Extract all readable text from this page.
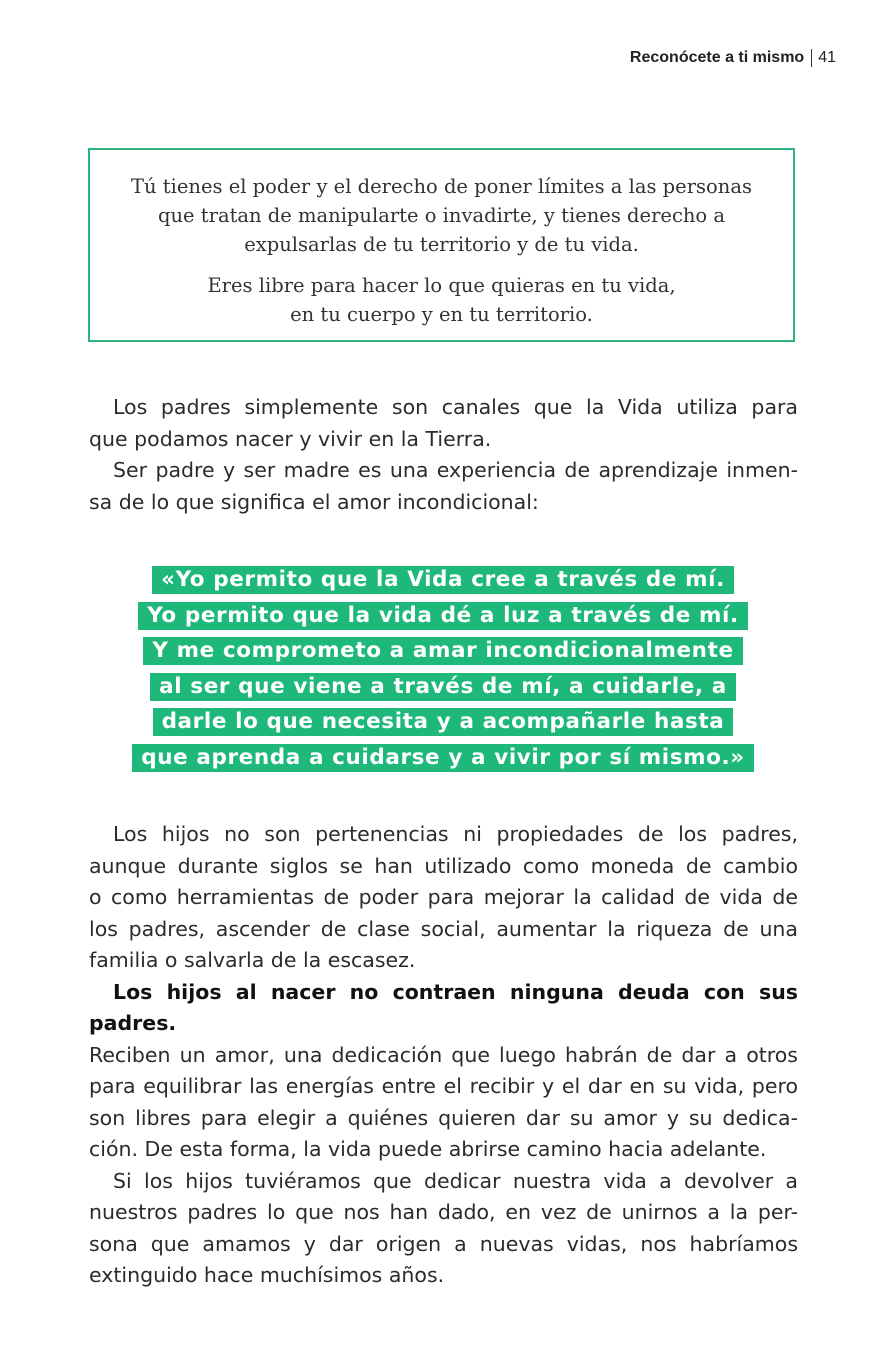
Reconócete a ti mismo 41

Tú tienes el poder y el derecho de poner límites a las personas
que tratan de manipularte o invadirte, y tienes derecho a
expulsarlas de tu territorio y de tu vida.

Eres libre para hacer lo que quieras en tu vida,
en tu cuerpo y en tu territorio.

Los padres simplemente son canales que la Vida utiliza para
que podamos nacer y vivir en la Tierra.
Ser padre y ser madre es una experiencia de aprendizaje inmen-
sa de lo que significa el amor incondicional:
«Yo permito que la Vida cree a través de mí.
Yo permito que la vida dé a luz a través de mí.
Y me comprometo a amar incondicionalmente
al ser que viene a través de mí, a cuidarle, a
darle lo que necesita y a acompañarle hasta
que aprenda a cuidarse y a vivir por sí mismo.»
Los hijos no son pertenencias ni propiedades de los padres,
aunque durante siglos se han utilizado como moneda de cambio
o como herramientas de poder para mejorar la calidad de vida de
los padres, ascender de clase social, aumentar la riqueza de una
familia o salvarla de la escasez.
Los hijos al nacer no contraen ninguna deuda con sus padres.
Reciben un amor, una dedicación que luego habrán de dar a otros
para equilibrar las energías entre el recibir y el dar en su vida, pero
son libres para elegir a quiénes quieren dar su amor y su dedica-
ción. De esta forma, la vida puede abrirse camino hacia adelante.
Si los hijos tuviéramos que dedicar nuestra vida a devolver a
nuestros padres lo que nos han dado, en vez de unirnos a la per-
sona que amamos y dar origen a nuevas vidas, nos habríamos
extinguido hace muchísimos años.
